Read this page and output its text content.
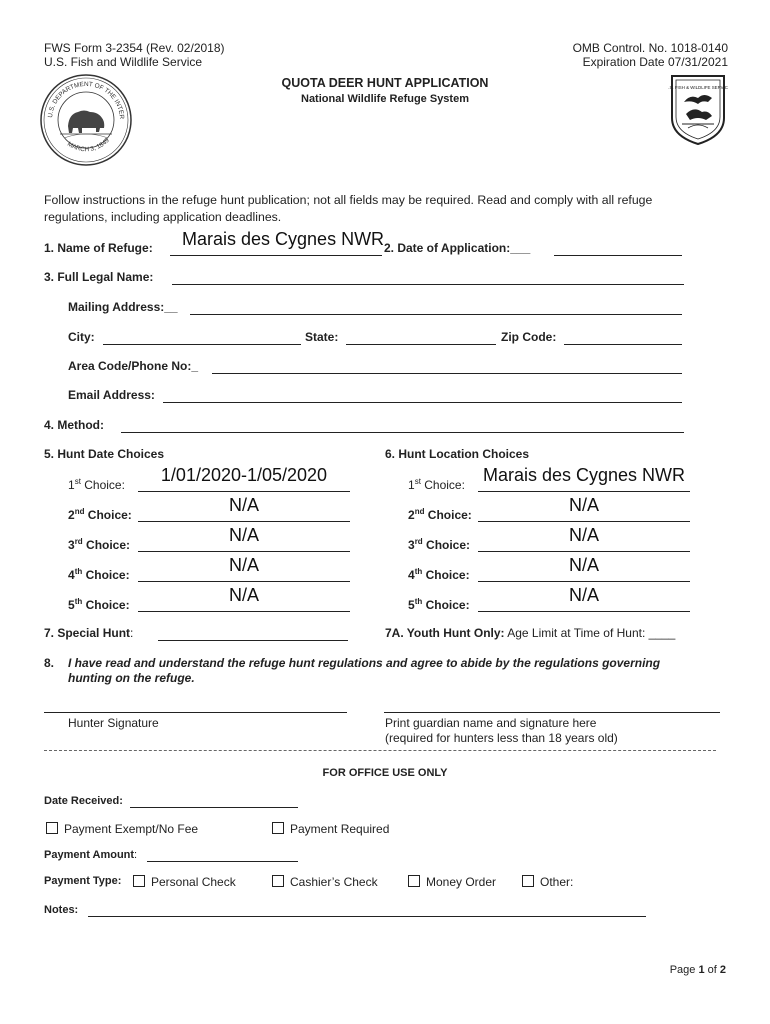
FWS Form 3-2354 (Rev. 02/2018)
U.S. Fish and Wildlife Service
OMB Control. No. 1018-0140
Expiration Date 07/31/2021
QUOTA DEER HUNT APPLICATION
National Wildlife Refuge System
U.S. DEPARTMENT OF THE INTER
MARCH 3, 1849
U.S. FISH & WILDLIFE SERVICE
Follow instructions in the refuge hunt publication; not all fields may be required. Read and comply with all refuge
regulations, including application deadlines.
1. Name of Refuge: Marais des Cygnes NWR 2. Date of Application:___
3. Full Legal Name:
Mailing Address:__
City:	State:	Zip Code:
Area Code/Phone No:_
Email Address:
4. Method:
5. Hunt Date Choices	6. Hunt Location Choices
1st Choice:	1/01/2020-1/05/2020
2nd Choice:	N/A
3rd Choice:	N/A
4th Choice:	N/A
5th Choice:	N/A
1st Choice: Marais des Cygnes NWR
2nd Choice:	N/A
3rd Choice:	N/A
4th Choice:	N/A
5th Choice:	N/A
7. Special Hunt:	7A. Youth Hunt Only: Age Limit at Time of Hunt: ____
8. I have read and understand the refuge hunt regulations and agree to abide by the regulations governing
hunting on the refuge.
Hunter Signature	Print guardian name and signature here
(required for hunters less than 18 years old)
FOR OFFICE USE ONLY
Date Received:
Payment Exempt/No Fee	Payment Required
Payment Amount:
Payment Type:	Personal Check	Cashier’s Check	Money Order	Other:
Notes:
Page 1 of 2
